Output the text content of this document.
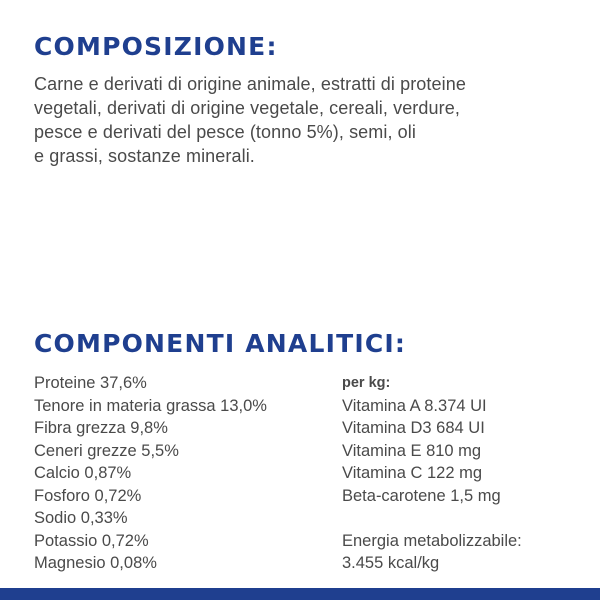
COMPOSIZIONE:

Carne e derivati di origine animale, estratti di proteine
vegetali, derivati di origine vegetale, cereali, verdure,
pesce e derivati del pesce (tonno 5%), semi, oli
e grassi, sostanze minerali.

COMPONENTI ANALITICI:
Proteine 37,6%
Tenore in materia grassa 13,0%
Fibra grezza 9,8%
Ceneri grezze 5,5%
Calcio 0,87%
Fosforo 0,72%
Sodio 0,33%
Potassio 0,72%
Magnesio 0,08%
per kg:
Vitamina A 8.374 UI
Vitamina D3 684 UI
Vitamina E 810 mg
Vitamina C 122 mg
Beta-carotene 1,5 mg
Energia metabolizzabile:
3.455 kcal/kg
